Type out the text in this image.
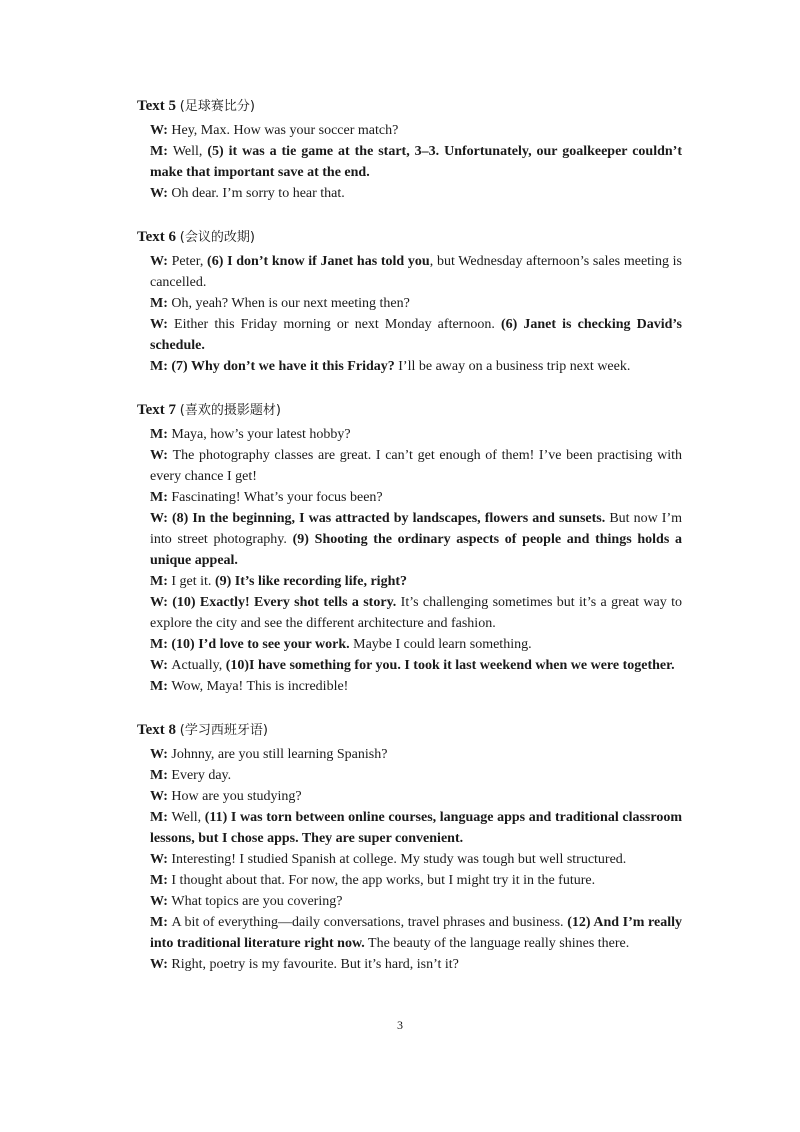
Text 5 (足球赛比分)
W: Hey, Max. How was your soccer match?
M: Well, (5) it was a tie game at the start, 3–3. Unfortunately, our goalkeeper couldn’t make that important save at the end.
W: Oh dear. I’m sorry to hear that.
Text 6 (会议的改期)
W: Peter, (6) I don’t know if Janet has told you, but Wednesday afternoon’s sales meeting is cancelled.
M: Oh, yeah? When is our next meeting then?
W: Either this Friday morning or next Monday afternoon. (6) Janet is checking David’s schedule.
M: (7) Why don’t we have it this Friday? I’ll be away on a business trip next week.
Text 7 (喜欢的摄影题材)
M: Maya, how’s your latest hobby?
W: The photography classes are great. I can’t get enough of them! I’ve been practising with every chance I get!
M: Fascinating! What’s your focus been?
W: (8) In the beginning, I was attracted by landscapes, flowers and sunsets. But now I’m into street photography. (9) Shooting the ordinary aspects of people and things holds a unique appeal.
M: I get it. (9) It’s like recording life, right?
W: (10) Exactly! Every shot tells a story. It’s challenging sometimes but it’s a great way to explore the city and see the different architecture and fashion.
M: (10) I’d love to see your work. Maybe I could learn something.
W: Actually, (10)I have something for you. I took it last weekend when we were together.
M: Wow, Maya! This is incredible!
Text 8 (学习西班牙语)
W: Johnny, are you still learning Spanish?
M: Every day.
W: How are you studying?
M: Well, (11) I was torn between online courses, language apps and traditional classroom lessons, but I chose apps. They are super convenient.
W: Interesting! I studied Spanish at college. My study was tough but well structured.
M: I thought about that. For now, the app works, but I might try it in the future.
W: What topics are you covering?
M: A bit of everything—daily conversations, travel phrases and business. (12) And I’m really into traditional literature right now. The beauty of the language really shines there.
W: Right, poetry is my favourite. But it’s hard, isn’t it?
3
